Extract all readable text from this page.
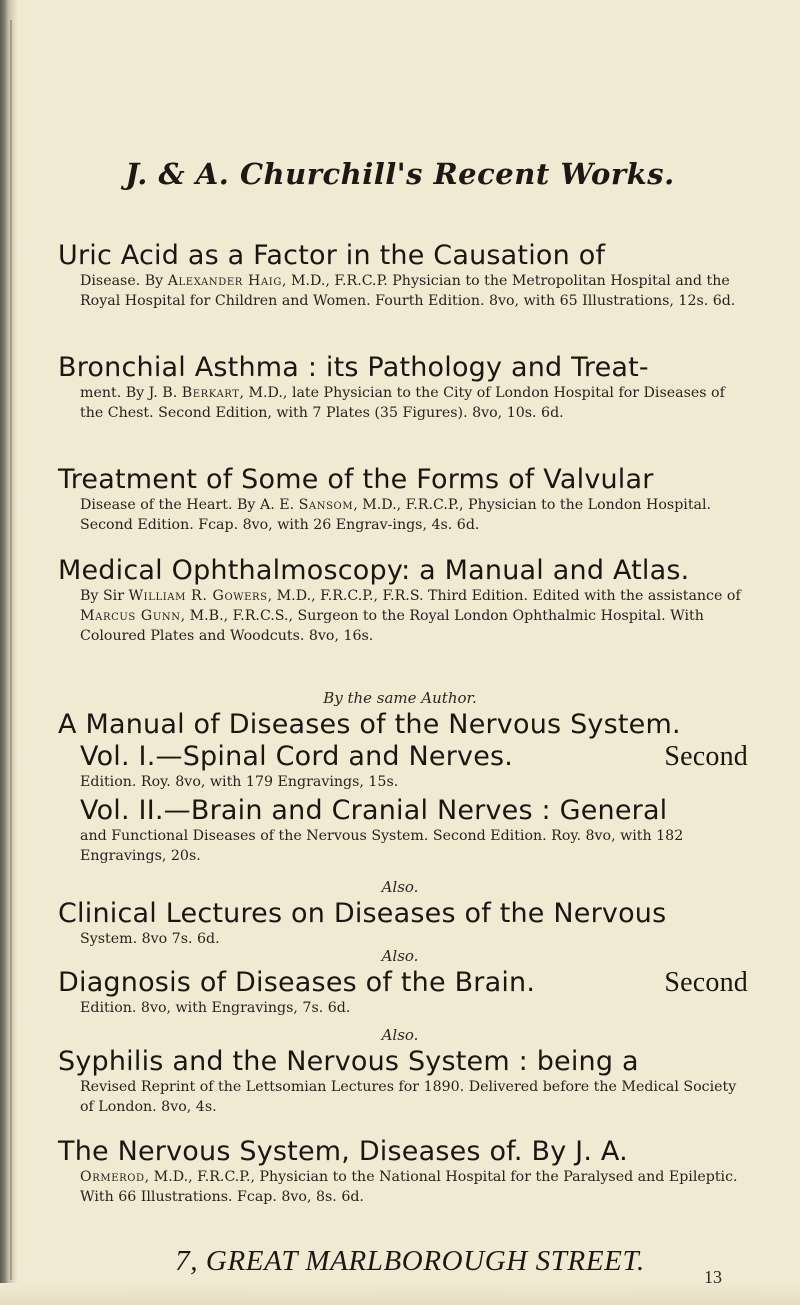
J. & A. Churchill's Recent Works.
Uric Acid as a Factor in the Causation of
Disease. By Alexander Haig, M.D., F.R.C.P. Physician to the Metropolitan Hospital and the Royal Hospital for Children and Women. Fourth Edition. 8vo, with 65 Illustrations, 12s. 6d.
Bronchial Asthma : its Pathology and Treat-
ment. By J. B. Berkart, M.D., late Physician to the City of London Hospital for Diseases of the Chest. Second Edition, with 7 Plates (35 Figures). 8vo, 10s. 6d.
Treatment of Some of the Forms of Valvular
Disease of the Heart. By A. E. Sansom, M.D., F.R.C.P., Physician to the London Hospital. Second Edition. Fcap. 8vo, with 26 Engrav-ings, 4s. 6d.
Medical Ophthalmoscopy: a Manual and Atlas.
By Sir William R. Gowers, M.D., F.R.C.P., F.R.S. Third Edition. Edited with the assistance of Marcus Gunn, M.B., F.R.C.S., Surgeon to the Royal London Ophthalmic Hospital. With Coloured Plates and Woodcuts. 8vo, 16s.
By the same Author.
A Manual of Diseases of the Nervous System.
Vol. I.—Spinal Cord and Nerves.	Second
Edition. Roy. 8vo, with 179 Engravings, 15s.
Vol. II.—Brain and Cranial Nerves : General
and Functional Diseases of the Nervous System. Second Edition. Roy. 8vo, with 182 Engravings, 20s.
Also.
Clinical Lectures on Diseases of the Nervous
System. 8vo 7s. 6d.
Also.
Diagnosis of Diseases of the Brain.	Second
Edition. 8vo, with Engravings, 7s. 6d.
Also.
Syphilis and the Nervous System : being a
Revised Reprint of the Lettsomian Lectures for 1890. Delivered before the Medical Society of London. 8vo, 4s.
The Nervous System, Diseases of. By J. A.
Ormerod, M.D., F.R.C.P., Physician to the National Hospital for the Paralysed and Epileptic. With 66 Illustrations. Fcap. 8vo, 8s. 6d.
7, GREAT MARLBOROUGH STREET.	13
